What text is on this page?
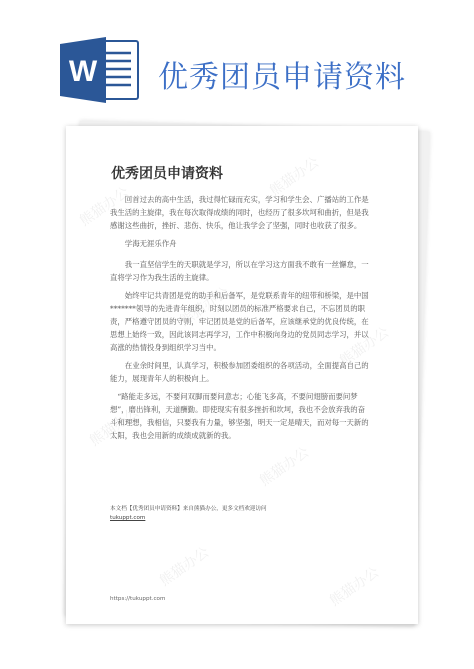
W 优秀团员申请资料
优秀团员申请资料

回首过去的高中生活，我过得忙碌而充实，学习和学生会、广播站的工作是我生活的主旋律，我在每次取得成绩的同时，也经历了很多坎坷和曲折，但是我感谢这些曲折，挫折、悲伤、快乐，他让我学会了坚强，同时也收获了很多。

学海无涯乐作舟

我一直坚信学生的天职就是学习，所以在学习这方面我不敢有一丝懈怠，一直将学习作为我生活的主旋律。

始终牢记共青团是党的助手和后备军，是党联系青年的纽带和桥梁，是中国*******领导的先进青年组织，时刻以团员的标准严格要求自己，不忘团员的职责，严格遵守团员的守则，牢记团员是党的后备军，应该继承党的优良传统，在思想上始终一致，因此该同志再学习，工作中积极向身边的党员同志学习，并以高涨的热情投身到组织学习当中。

在业余时间里，认真学习，积极参加团委组织的各项活动，全面提高自己的能力，展现青年人的积极向上。

“路能走多远，不要问双脚而要问意志；心能飞多高，不要问翅膀而要问梦想”，磨出锋利，天道酬勤。即使现实有很多挫折和坎坷，我也不会放弃我的奋斗和理想，我相信，只要我有力量，够坚强，明天一定是晴天，而对每一天新的太阳，我也会用新的成绩成就新的我。

本文档【优秀团员申请资料】来自熊猫办公，更多文档欢迎访问
tukuppt.com
https://tukuppt.com
熊猫办公
熊猫办公
熊猫办公
熊猫办公
熊猫办公
熊猫办公
熊猫办公	熊猫办公
